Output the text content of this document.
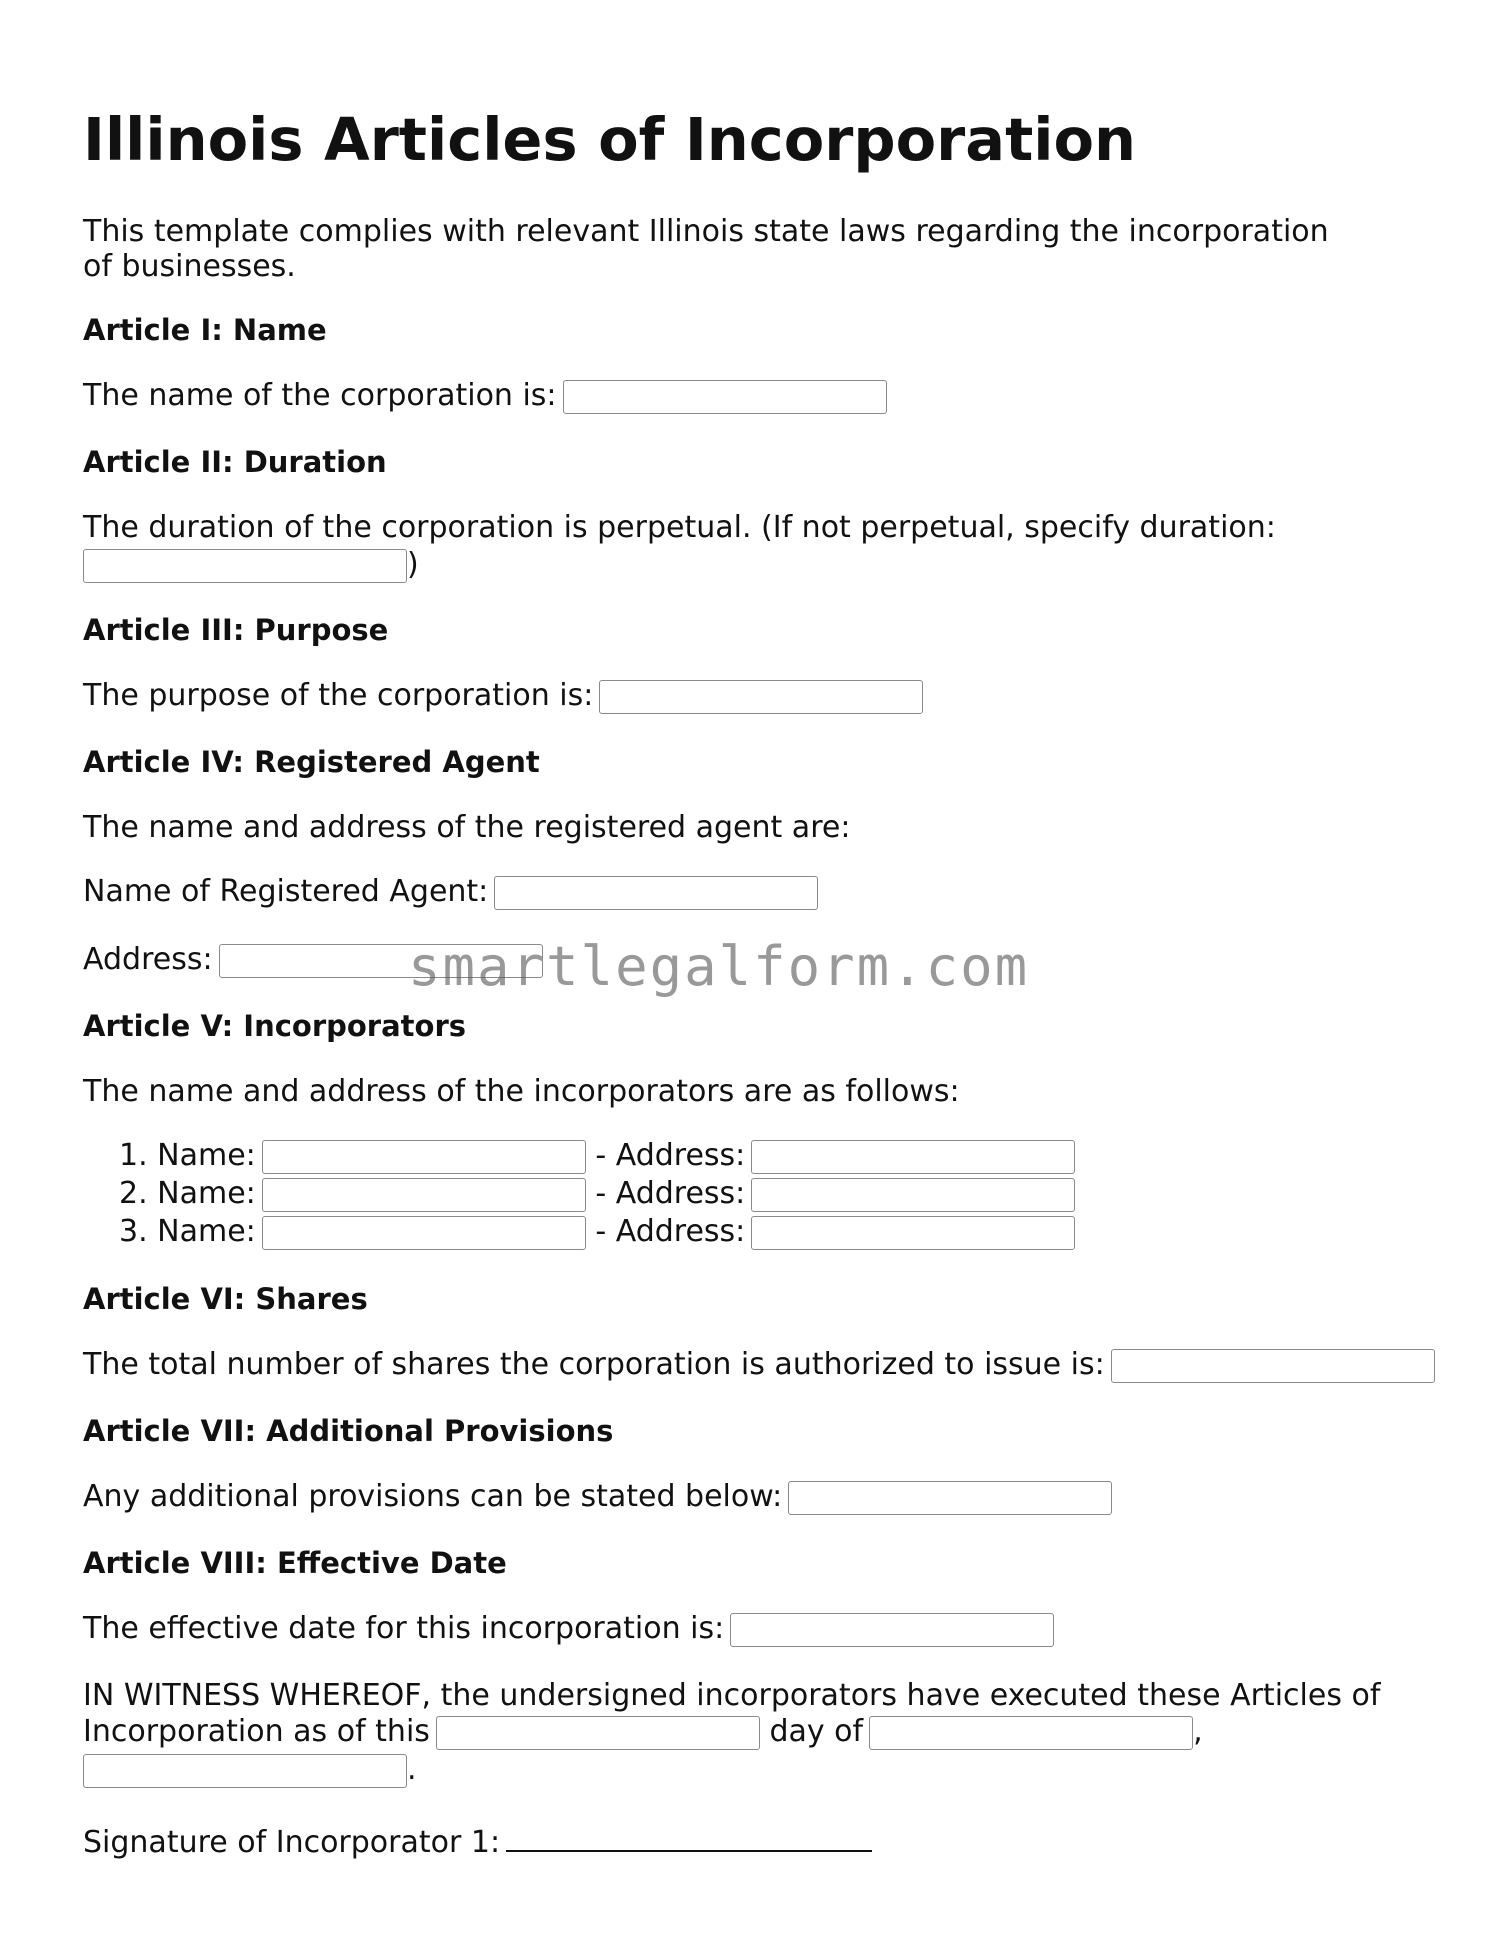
Illinois Articles of Incorporation

This template complies with relevant Illinois state laws regarding the incorporation of businesses.

Article I: Name

The name of the corporation is:

Article II: Duration

The duration of the corporation is perpetual. (If not perpetual, specify duration:

)

Article III: Purpose

The purpose of the corporation is:

Article IV: Registered Agent

The name and address of the registered agent are:

Name of Registered Agent:

Address:

Article V: Incorporators

The name and address of the incorporators are as follows:

1. Name:	- Address:
2. Name:	- Address:
3. Name:	- Address:

Article VI: Shares

The total number of shares the corporation is authorized to issue is:

Article VII: Additional Provisions

Any additional provisions can be stated below:

Article VIII: Effective Date

The effective date for this incorporation is:

IN WITNESS WHEREOF, the undersigned incorporators have executed these Articles of

Incorporation as of this	day of	,

.

Signature of Incorporator 1:

smartlegalform.com
